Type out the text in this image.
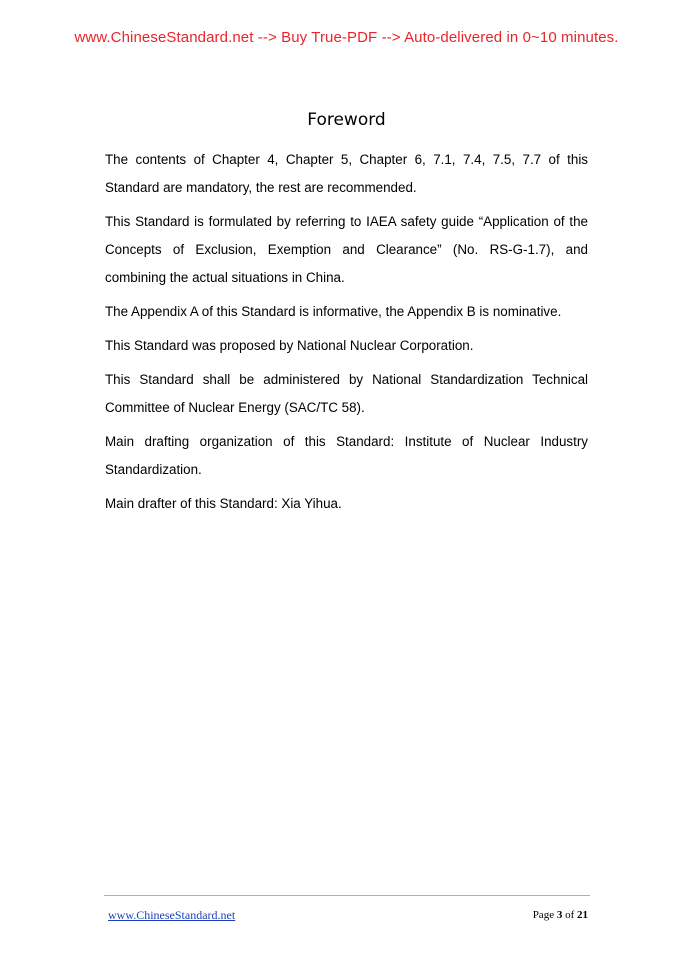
www.ChineseStandard.net --> Buy True-PDF --> Auto-delivered in 0~10 minutes.
Foreword

The contents of Chapter 4, Chapter 5, Chapter 6, 7.1, 7.4, 7.5, 7.7 of this Standard are mandatory, the rest are recommended.

This Standard is formulated by referring to IAEA safety guide “Application of the Concepts of Exclusion, Exemption and Clearance” (No. RS-G-1.7), and combining the actual situations in China.

The Appendix A of this Standard is informative, the Appendix B is nominative.

This Standard was proposed by National Nuclear Corporation.

This Standard shall be administered by National Standardization Technical Committee of Nuclear Energy (SAC/TC 58).

Main drafting organization of this Standard: Institute of Nuclear Industry Standardization.

Main drafter of this Standard: Xia Yihua.

www.ChineseStandard.net	Page 3 of 21
